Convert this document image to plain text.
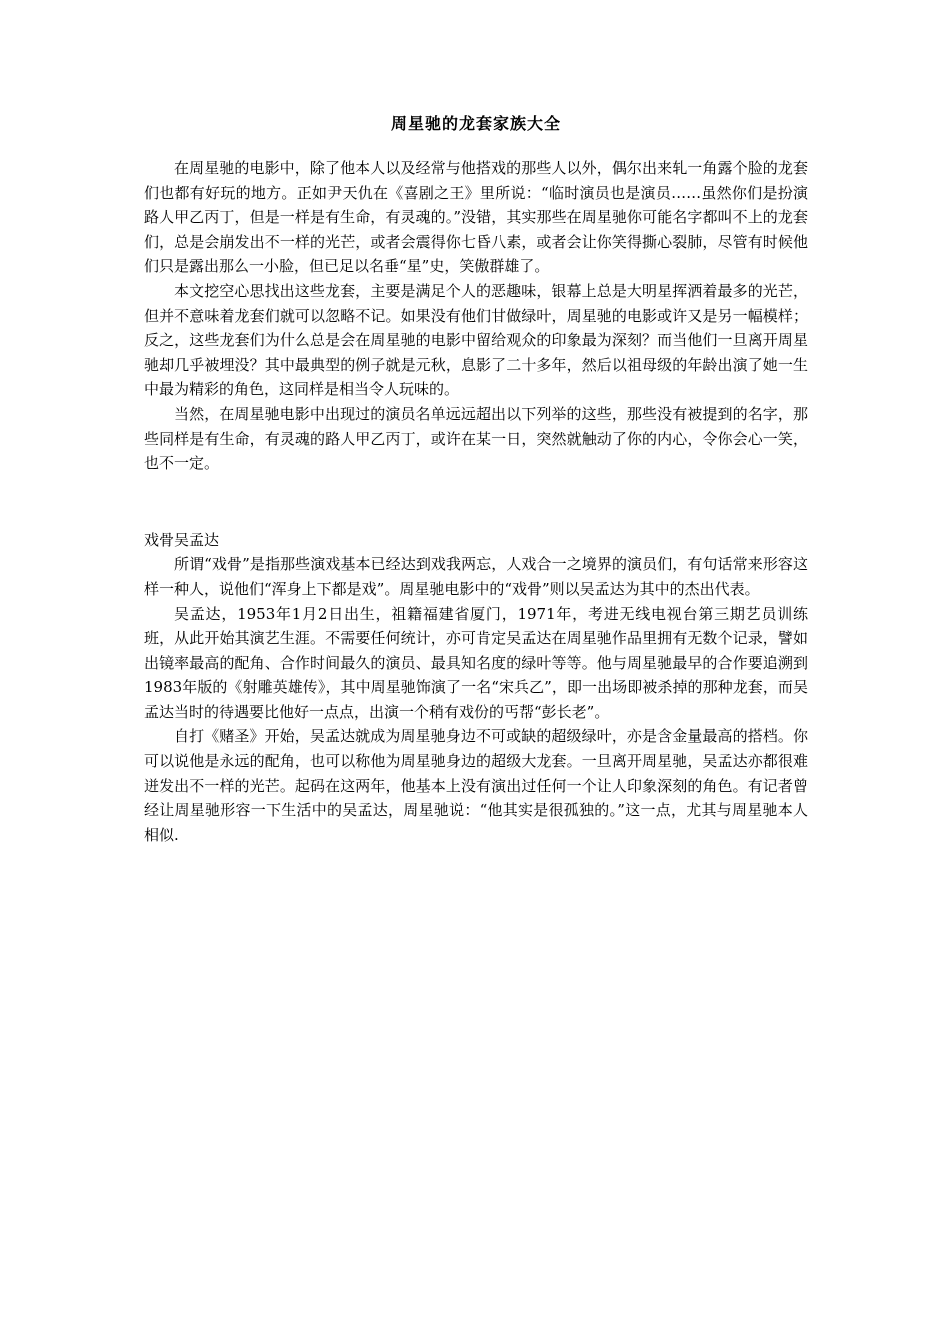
周星驰的龙套家族大全

在周星驰的电影中，除了他本人以及经常与他搭戏的那些人以外，偶尔出来轧一角露个脸的龙套们也都有好玩的地方。正如尹天仇在《喜剧之王》里所说：“临时演员也是演员……虽然你们是扮演路人甲乙丙丁，但是一样是有生命，有灵魂的。”没错，其实那些在周星驰你可能名字都叫不上的龙套们，总是会崩发出不一样的光芒，或者会震得你七昏八素，或者会让你笑得撕心裂肺，尽管有时候他们只是露出那么一小脸，但已足以名垂“星”史，笑傲群雄了。

本文挖空心思找出这些龙套，主要是满足个人的恶趣味，银幕上总是大明星挥洒着最多的光芒，但并不意味着龙套们就可以忽略不记。如果没有他们甘做绿叶，周星驰的电影或许又是另一幅模样；反之，这些龙套们为什么总是会在周星驰的电影中留给观众的印象最为深刻？而当他们一旦离开周星驰却几乎被埋没？其中最典型的例子就是元秋，息影了二十多年，然后以祖母级的年龄出演了她一生中最为精彩的角色，这同样是相当令人玩味的。

当然，在周星驰电影中出现过的演员名单远远超出以下列举的这些，那些没有被提到的名字，那些同样是有生命，有灵魂的路人甲乙丙丁，或许在某一日，突然就触动了你的内心，令你会心一笑，也不一定。

戏骨吴孟达

所谓“戏骨”是指那些演戏基本已经达到戏我两忘，人戏合一之境界的演员们，有句话常来形容这样一种人，说他们“浑身上下都是戏”。周星驰电影中的“戏骨”则以吴孟达为其中的杰出代表。

吴孟达，1953年1月2日出生，祖籍福建省厦门，1971年，考进无线电视台第三期艺员训练班，从此开始其演艺生涯。不需要任何统计，亦可肯定吴孟达在周星驰作品里拥有无数个记录，譬如出镜率最高的配角、合作时间最久的演员、最具知名度的绿叶等等。他与周星驰最早的合作要追溯到1983年版的《射雕英雄传》，其中周星驰饰演了一名“宋兵乙”，即一出场即被杀掉的那种龙套，而吴孟达当时的待遇要比他好一点点，出演一个稍有戏份的丐帮“彭长老”。

自打《赌圣》开始，吴孟达就成为周星驰身边不可或缺的超级绿叶，亦是含金量最高的搭档。你可以说他是永远的配角，也可以称他为周星驰身边的超级大龙套。一旦离开周星驰，吴孟达亦都很难迸发出不一样的光芒。起码在这两年，他基本上没有演出过任何一个让人印象深刻的角色。有记者曾经让周星驰形容一下生活中的吴孟达，周星驰说：“他其实是很孤独的。”这一点，尤其与周星驰本人相似.
